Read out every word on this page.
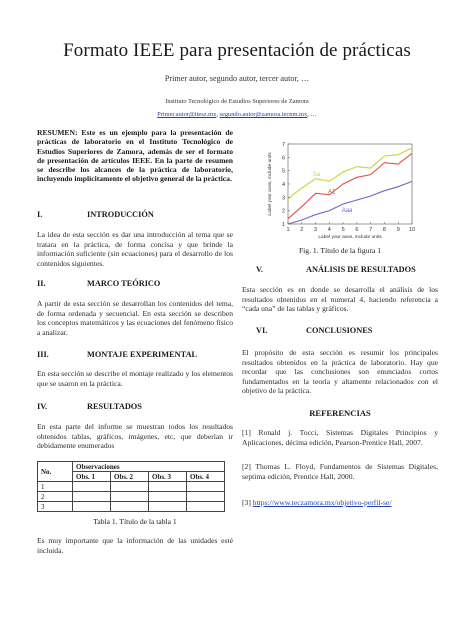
Formato IEEE para presentación de prácticas
Primer autor, segundo autor, tercer autor, …
Instituto Tecnológico de Estudios Superiores de Zamora
Primer.autor@itesz.mx, segundo.autor@zamora.tecnm.mx, …
RESUMEN: Este es un ejemplo para la presentación de prácticas de laboratorio en el Instituto Tecnológico de Estudios Superiores de Zamora, además de ser el formato de presentación de artículos IEEE. En la parte de resumen se describe los alcances de la práctica de laboratorio, incluyendo implícitamente el objetivo general de la práctica.
I.	INTRODUCCIÓN
La idea de esta sección es dar una introducción al tema que se tratara en la práctica, de forma concisa y que brinde la información suficiente (sin ecuaciones) para el desarrollo de los contenidos siguientes.
II.	MARCO TEÓRICO
A partir de esta sección se desarrollan los contenidos del tema, de forma ordenada y secuencial. En esta sección se describen los conceptos matemáticos y las ecuaciones del fenómeno físico a analizar.
III.	MONTAJE EXPERIMENTAL
En esta sección se describe el montaje realizado y los elementos que se usaron en la práctica.
IV.	RESULTADOS
En esta parte del informe se muestran todos los resultados obtenidos tablas, gráficos, imágenes, etc, que deberían ir debidamente enumerados
No.	Observaciones			
	Obs. 1	Obs. 2	Obs. 3	Obs. 4
1				
2				
3				
Tabla 1. Título de la tabla 1
Es muy importante que la información de las unidades esté incluida.
1
2
3
4
5
6
7
1 2 3 4 5 6 7 8 9 10
Sa
A1
Aaa
Label your axes, include units
Label your axes, include units
Fig. 1. Título de la figura 1
V.	ANÁLISIS DE RESULTADOS
Esta sección es en donde se desarrolla el análisis de los resultados obtenidos en el numeral 4, haciendo referencia a “cada una” de las tablas y gráficos.
VI.	CONCLUSIONES
El propósito de esta sección es resumir los principales resultados obtenidos en la práctica de laboratorio. Hay que recordar que las conclusiones son enunciados cortos fundamentados en la teoría y altamente relacionados con el objetivo de la práctica.
REFERENCIAS
[1] Ronald j. Tocci, Sistemas Digitales Principios y Aplicaciones, décima edición, Pearson-Prentice Hall, 2007.
[2] Thomas L. Floyd, Fundamentos de Sistemas Digitales, septima edición, Prentice Hall, 2000.
[3] https://www.teczamora.mx/objetivo-perfil-se/
